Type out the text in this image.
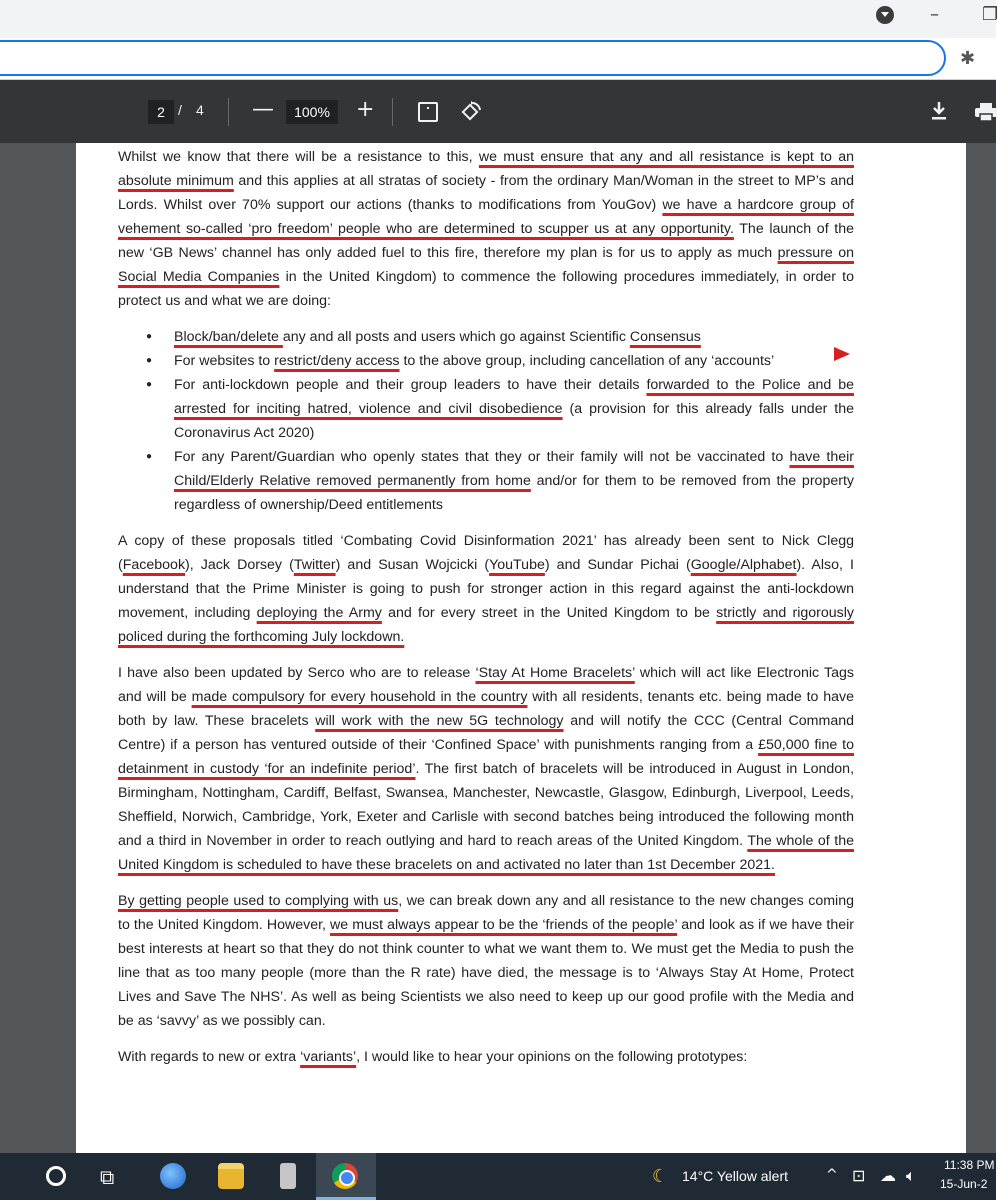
– ❐
✱
2 / 4 —	100%	+

Whilst we know that there will be a resistance to this, we must ensure that any and all resistance is kept to an absolute minimum and this applies at all stratas of society - from the ordinary Man/Woman in the street to MP’s and Lords. Whilst over 70% support our actions (thanks to modifications from YouGov) we have a hardcore group of vehement so-called ‘pro freedom’ people who are determined to scupper us at any opportunity. The launch of the new ‘GB News’ channel has only added fuel to this fire, therefore my plan is for us to apply as much pressure on Social Media Companies in the United Kingdom) to commence the following procedures immediately, in order to protect us and what we are doing:

● Block/ban/delete any and all posts and users which go against Scientific Consensus
● For websites to restrict/deny access to the above group, including cancellation of any ‘accounts’
● For anti-lockdown people and their group leaders to have their details forwarded to the Police and be arrested for inciting hatred, violence and civil disobedience (a provision for this already falls under the Coronavirus Act 2020)
● For any Parent/Guardian who openly states that they or their family will not be vaccinated to have their Child/Elderly Relative removed permanently from home and/or for them to be removed from the property regardless of ownership/Deed entitlements

A copy of these proposals titled ‘Combating Covid Disinformation 2021’ has already been sent to Nick Clegg (Facebook), Jack Dorsey (Twitter) and Susan Wojcicki (YouTube) and Sundar Pichai (Google/Alphabet). Also, I understand that the Prime Minister is going to push for stronger action in this regard against the anti-lockdown movement, including deploying the Army and for every street in the United Kingdom to be strictly and rigorously policed during the forthcoming July lockdown.

I have also been updated by Serco who are to release ‘Stay At Home Bracelets’ which will act like Electronic Tags and will be made compulsory for every household in the country with all residents, tenants etc. being made to have both by law. These bracelets will work with the new 5G technology and will notify the CCC (Central Command Centre) if a person has ventured outside of their ‘Confined Space’ with punishments ranging from a £50,000 fine to detainment in custody ‘for an indefinite period’. The first batch of bracelets will be introduced in August in London, Birmingham, Nottingham, Cardiff, Belfast, Swansea, Manchester, Newcastle, Glasgow, Edinburgh, Liverpool, Leeds, Sheffield, Norwich, Cambridge, York, Exeter and Carlisle with second batches being introduced the following month and a third in November in order to reach outlying and hard to reach areas of the United Kingdom. The whole of the United Kingdom is scheduled to have these bracelets on and activated no later than 1st December 2021.

By getting people used to complying with us, we can break down any and all resistance to the new changes coming to the United Kingdom. However, we must always appear to be the ‘friends of the people’ and look as if we have their best interests at heart so that they do not think counter to what we want them to. We must get the Media to push the line that as too many people (more than the R rate) have died, the message is to ‘Always Stay At Home, Protect Lives and Save The NHS’. As well as being Scientists we also need to keep up our good profile with the Media and be as ‘savvy’ as we possibly can.

With regards to new or extra ‘variants’, I would like to hear your opinions on the following prototypes:

⧉	☾ 14°C Yellow alert	^ ⊡ ☁ 🔈︎
11:38 PM
15-Jun-2
